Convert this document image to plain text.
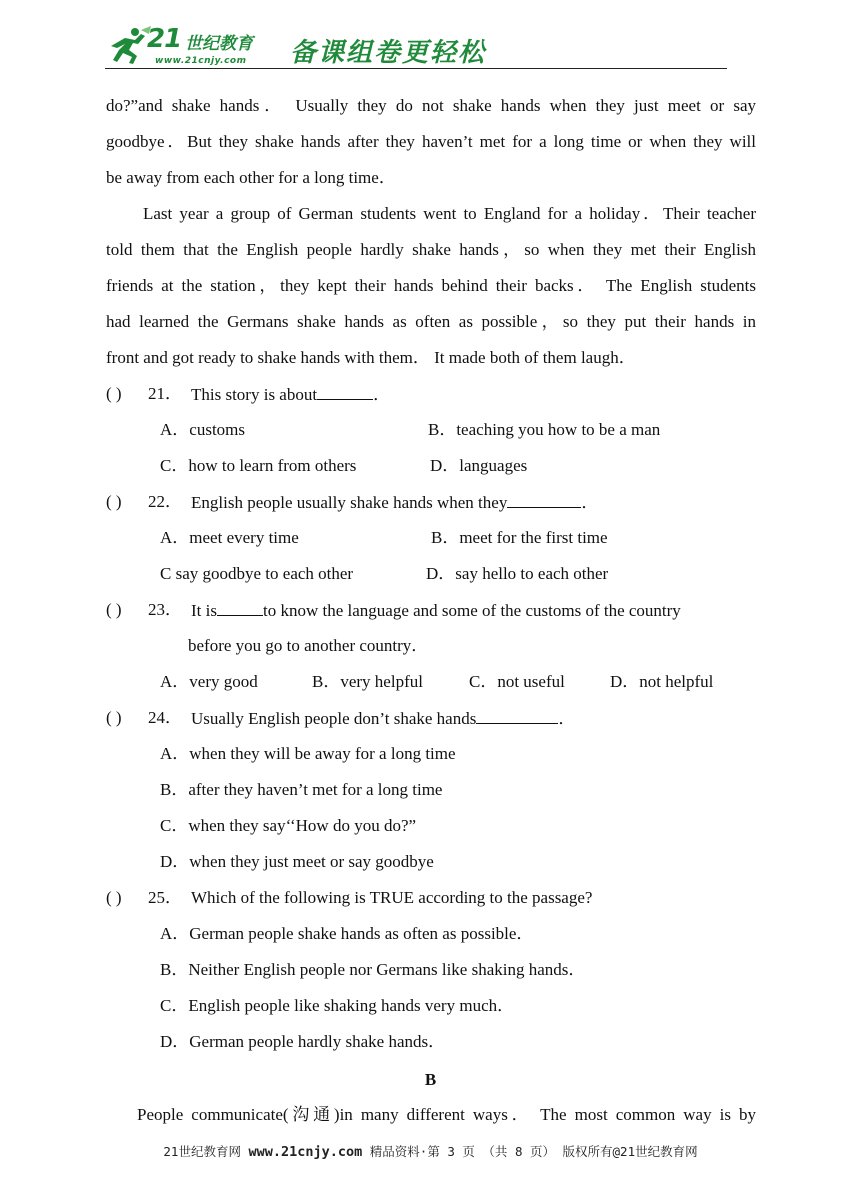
21 世纪教育
www.21cnjy.com 备课组卷更轻松
do?”and shake hands． Usually they do not shake hands when they just meet or say
goodbye．But they shake hands after they haven’t met for a long time or when they will
be away from each other for a long time．
Last year a group of German students went to England for a holiday．Their teacher
told them that the English people hardly shake hands，so when they met their English
friends at the station，they kept their hands behind their backs． The English students
had learned the Germans shake hands as often as possible，so they put their hands in
front and got ready to shake hands with them． It made both of them laugh．
( ) 21． This story is about	．
A．customs	B．teaching you how to be a man
C．how to learn from others	D．languages
( ) 22． English people usually shake hands when they	．
A．meet every time	B．meet for the first time
C say goodbye to each other	D．say hello to each other
( ) 23． It is	to know the language and some of the customs of the country
before you go to another country．
A．very good	B．very helpful	C．not useful	D．not helpful
( ) 24． Usually English people don’t shake hands	．
A．when they will be away for a long time
B．after they haven’t met for a long time
C．when they say‘‘How do you do?”
D．when they just meet or say goodbye
( ) 25． Which of the following is TRUE according to the passage?
A．German people shake hands as often as possible．
B．Neither English people nor Germans like shaking hands．
C．English people like shaking hands very much．
D．German people hardly shake hands．
B
People communicate(沟通)in many different ways． The most common way is by
21世纪教育网 www.21cnjy.com 精品资料·第 3 页 （共 8 页） 版权所有@21世纪教育网
